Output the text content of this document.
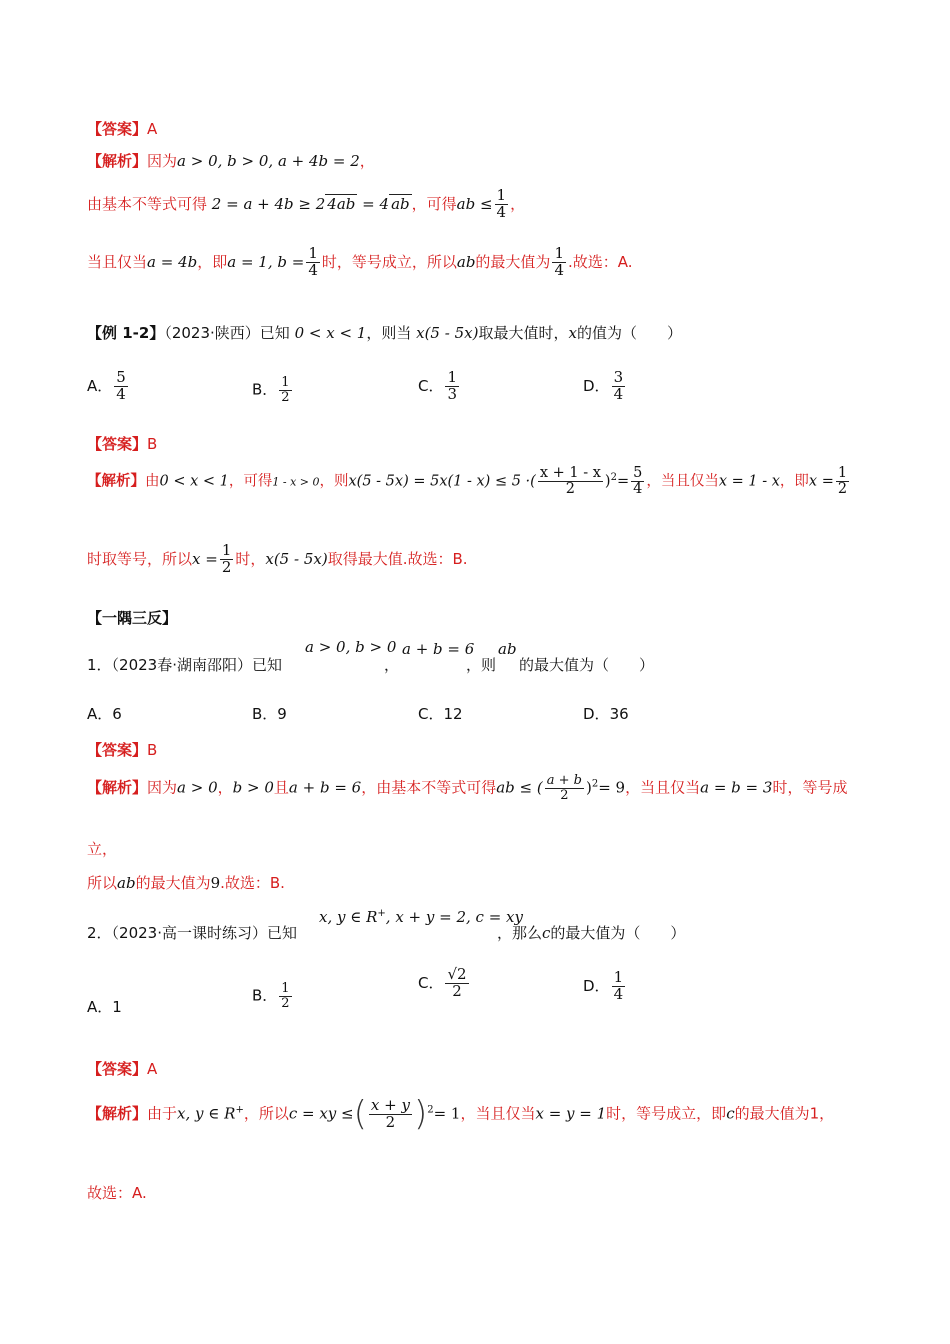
【答案】A
【解析】因为a > 0, b > 0, a + 4b = 2，
由基本不等式可得 2 = a + 4b ≥ 2 4ab = 4 ab ，可得ab ≤ $\frac{1}{4}$ ，
当且仅当a = 4b，即a = 1, $b = \frac{1}{4}$ 时，等号成立，所以ab的最大值为 $\frac{1}{4}$ .故选：A.
【例 1-2】（2023·陕西）已知 0 < x < 1，则当 x(5 - 5x)取最大值时，x的值为（　　）
A． $\frac{5}{4}$	B． $\frac{1}{2}$	C． $\frac{1}{3}$	D． $\frac{3}{4}$
【答案】B
【解析】由0 < x < 1，可得1 - x > 0，则x(5 - 5x) = 5x(1 - x) ≤ 5 ·( $\frac{x + 1 - x}{2} )^2= \frac{5}{4}$ ，当且仅当x = 1 - x，即$x = \frac{1}{2}$
时取等号，所以$x = \frac{1}{2}$ 时，x(5 - 5x)取得最大值.故选：B.
【一隅三反】
1．（2023春·湖南邵阳）已知
a > 0, b > 0
，
a + b = 6
，则
ab
的最大值为（　　）
A．6	B．9	C．12	D．36
【答案】B
【解析】因为a > 0，b > 0且a + b = 6，由基本不等式可得ab ≤ ( $\frac{a + b}{2} )^2= 9$，当且仅当a = b = 3时，等号成
立，
所以ab的最大值为9.故选：B.
2．（2023·高一课时练习）已知
x, y ∈ R+, x + y = 2, c = xy
，那么c的最大值为（　　）
A．1
B． $\frac{1}{2}$	C． $\frac{√2}{2}$	D． $\frac{1}{4}$
【答案】A
【解析】由于x, y ∈ R+，所以c = xy ≤( $\frac{x + y}{2} )^2= 1$，当且仅当x = y = 1时，等号成立，即c的最大值为1，
故选：A.
